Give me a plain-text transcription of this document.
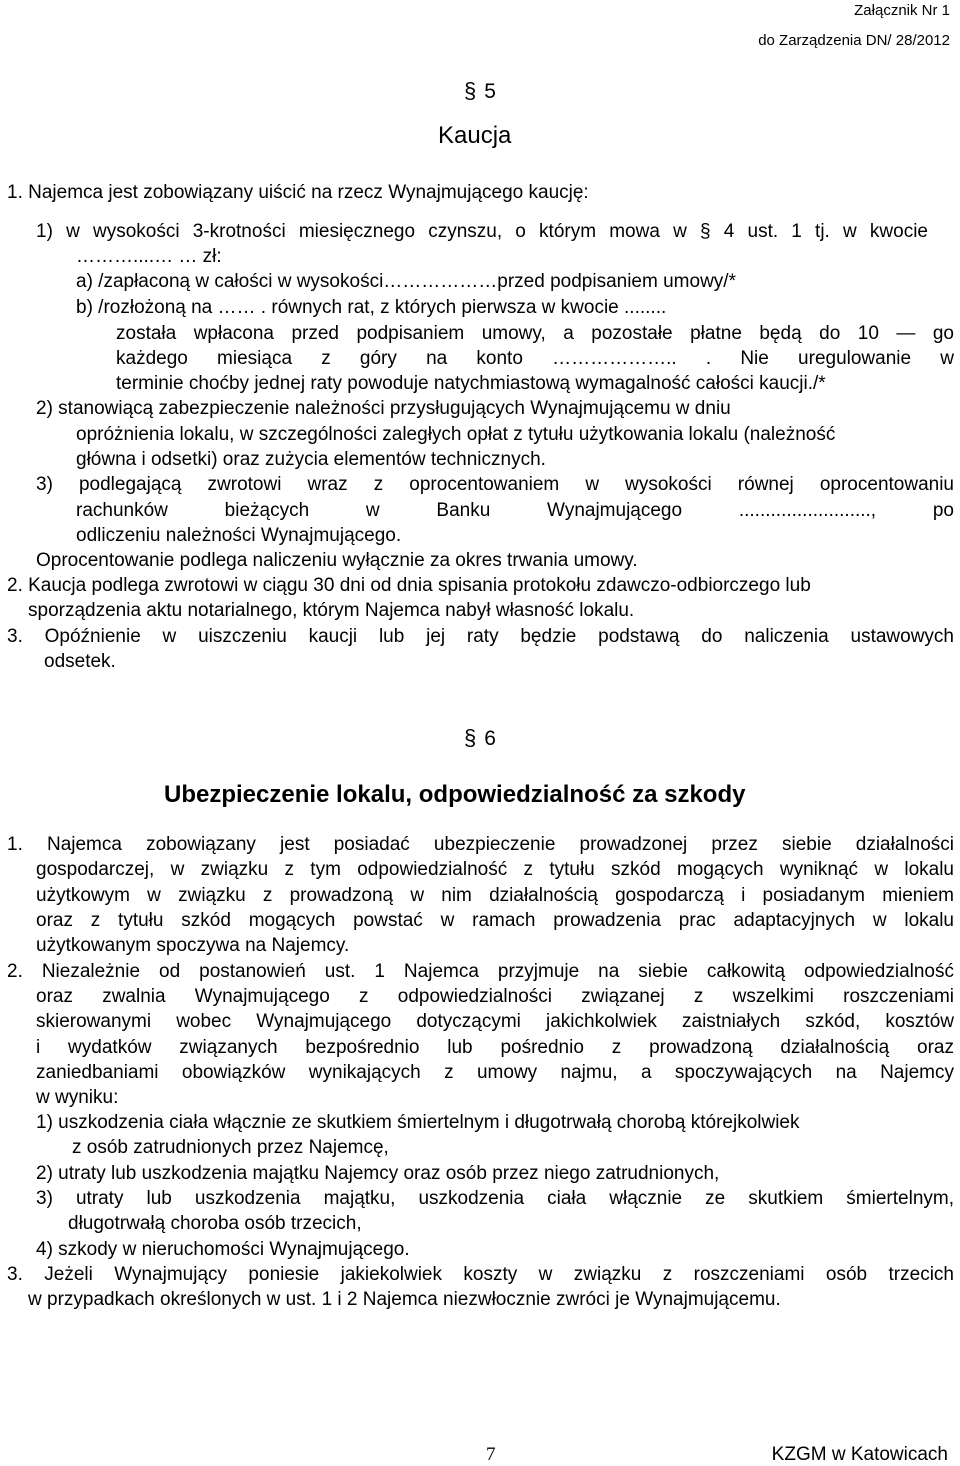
Załącznik Nr 1
do Zarządzenia DN/ 28/2012
§ 5
Kaucja
1. Najemca jest zobowiązany uiścić na rzecz Wynajmującego kaucję:
1) w wysokości 3-krotności miesięcznego czynszu, o którym mowa w § 4 ust. 1 tj. w kwocie
………....… … zł:
a) /zapłaconą w całości w wysokości………………przed podpisaniem umowy/*
b) /rozłożoną na …… . równych rat, z których pierwsza w kwocie ........
została wpłacona przed podpisaniem umowy, a pozostałe płatne będą do 10 — go
każdego miesiąca z góry na konto ……………….. . Nie uregulowanie w
terminie choćby jednej raty powoduje natychmiastową wymagalność całości kaucji./*
2) stanowiącą zabezpieczenie należności przysługujących Wynajmującemu w dniu
opróżnienia lokalu, w szczególności zaległych opłat z tytułu użytkowania lokalu (należność
główna i odsetki) oraz zużycia elementów technicznych.
3) podlegającą zwrotowi wraz z oprocentowaniem w wysokości równej oprocentowaniu
rachunków bieżących w Banku Wynajmującego ........................., po
odliczeniu należności Wynajmującego.
Oprocentowanie podlega naliczeniu wyłącznie za okres trwania umowy.
2. Kaucja podlega zwrotowi w ciągu 30 dni od dnia spisania protokołu zdawczo-odbiorczego lub
sporządzenia aktu notarialnego, którym Najemca nabył własność lokalu.
3. Opóźnienie w uiszczeniu kaucji lub jej raty będzie podstawą do naliczenia ustawowych
odsetek.
§ 6
Ubezpieczenie lokalu, odpowiedzialność za szkody
1. Najemca zobowiązany jest posiadać ubezpieczenie prowadzonej przez siebie działalności
gospodarczej, w związku z tym odpowiedzialność z tytułu szkód mogących wyniknąć w lokalu
użytkowym w związku z prowadzoną w nim działalnością gospodarczą i posiadanym mieniem
oraz z tytułu szkód mogących powstać w ramach prowadzenia prac adaptacyjnych w lokalu
użytkowanym spoczywa na Najemcy.
2. Niezależnie od postanowień ust. 1 Najemca przyjmuje na siebie całkowitą odpowiedzialność
oraz zwalnia Wynajmującego z odpowiedzialności związanej z wszelkimi roszczeniami
skierowanymi wobec Wynajmującego dotyczącymi jakichkolwiek zaistniałych szkód, kosztów
i wydatków związanych bezpośrednio lub pośrednio z prowadzoną działalnością oraz
zaniedbaniami obowiązków wynikających z umowy najmu, a spoczywających na Najemcy
w wyniku:
1) uszkodzenia ciała włącznie ze skutkiem śmiertelnym i długotrwałą chorobą którejkolwiek
z osób zatrudnionych przez Najemcę,
2) utraty lub uszkodzenia majątku Najemcy oraz osób przez niego zatrudnionych,
3) utraty lub uszkodzenia majątku, uszkodzenia ciała włącznie ze skutkiem śmiertelnym,
długotrwałą choroba osób trzecich,
4) szkody w nieruchomości Wynajmującego.
3. Jeżeli Wynajmujący poniesie jakiekolwiek koszty w związku z roszczeniami osób trzecich
w przypadkach określonych w ust. 1 i 2 Najemca niezwłocznie zwróci je Wynajmującemu.
7	KZGM w Katowicach
